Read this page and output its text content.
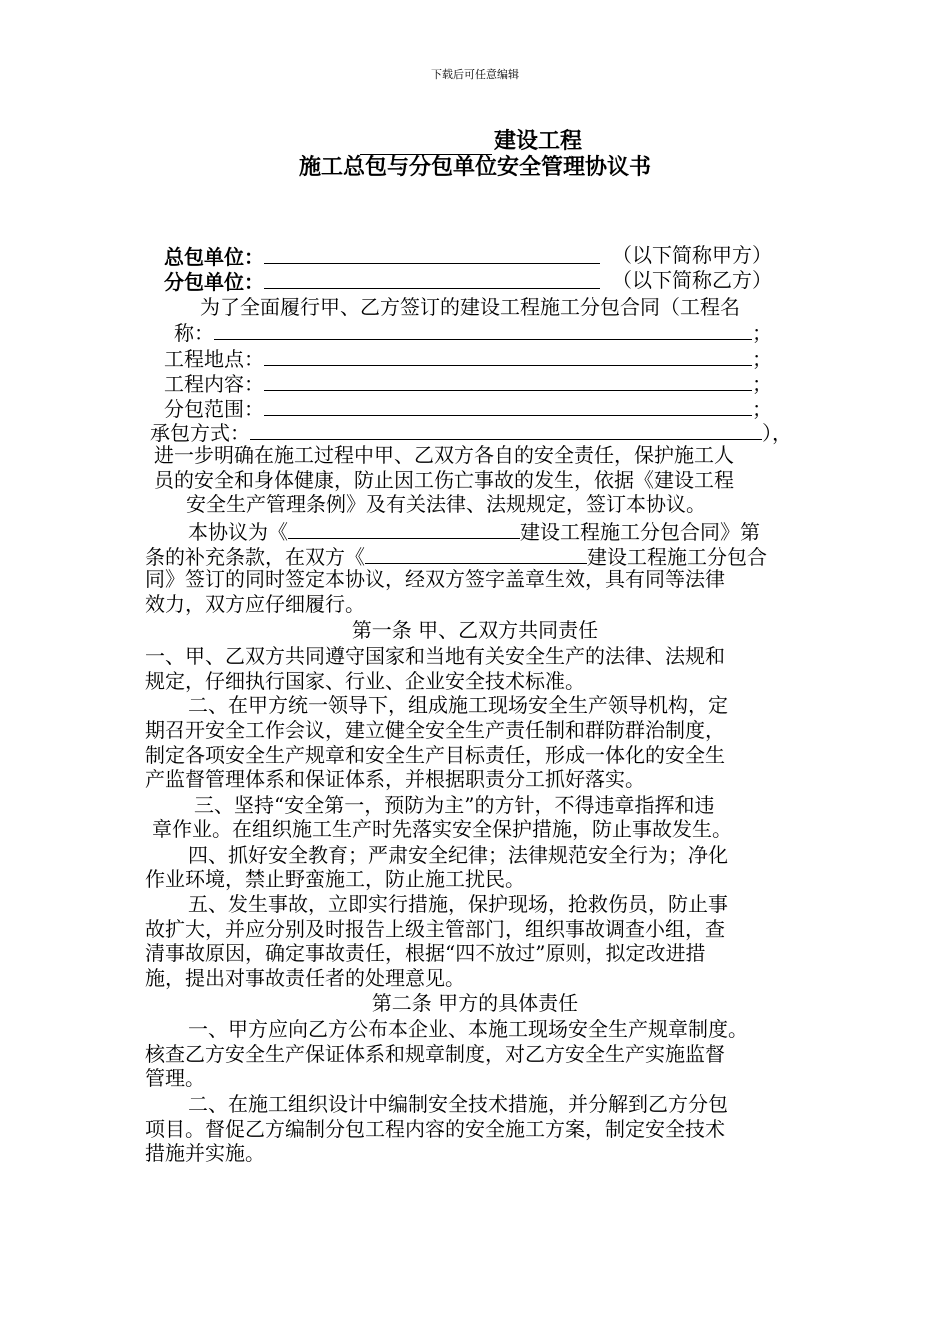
下载后可任意编辑
建设工程
施工总包与分包单位安全管理协议书
总包单位：	（以下简称甲方）
分包单位：	（以下简称乙方）
为了全面履行甲、乙方签订的建设工程施工分包合同（工程名
称：	；
工程地点：	；
工程内容：	；
分包范围：	；
承包方式：	），
进一步明确在施工过程中甲、乙双方各自的安全责任，保护施工人
员的安全和身体健康，防止因工伤亡事故的发生，依据《建设工程
安全生产管理条例》及有关法律、法规规定，签订本协议。
本协议为《	建设工程施工分包合同》第
条的补充条款，在双方《	建设工程施工分包合
同》签订的同时签定本协议，经双方签字盖章生效，具有同等法律
效力，双方应仔细履行。
第一条 甲、乙双方共同责任
一、甲、乙双方共同遵守国家和当地有关安全生产的法律、法规和
规定，仔细执行国家、行业、企业安全技术标准。
二、在甲方统一领导下，组成施工现场安全生产领导机构，定
期召开安全工作会议，建立健全安全生产责任制和群防群治制度，
制定各项安全生产规章和安全生产目标责任，形成一体化的安全生
产监督管理体系和保证体系，并根据职责分工抓好落实。
三、坚持“安全第一，预防为主”的方针，不得违章指挥和违
章作业。在组织施工生产时先落实安全保护措施，防止事故发生。
四、抓好安全教育；严肃安全纪律；法律规范安全行为；净化
作业环境，禁止野蛮施工，防止施工扰民。
五、发生事故，立即实行措施，保护现场，抢救伤员，防止事
故扩大，并应分别及时报告上级主管部门，组织事故调查小组，查
清事故原因，确定事故责任，根据“四不放过”原则，拟定改进措
施，提出对事故责任者的处理意见。
第二条 甲方的具体责任
一、甲方应向乙方公布本企业、本施工现场安全生产规章制度。
核查乙方安全生产保证体系和规章制度，对乙方安全生产实施监督
管理。
二、在施工组织设计中编制安全技术措施，并分解到乙方分包
项目。督促乙方编制分包工程内容的安全施工方案，制定安全技术
措施并实施。
